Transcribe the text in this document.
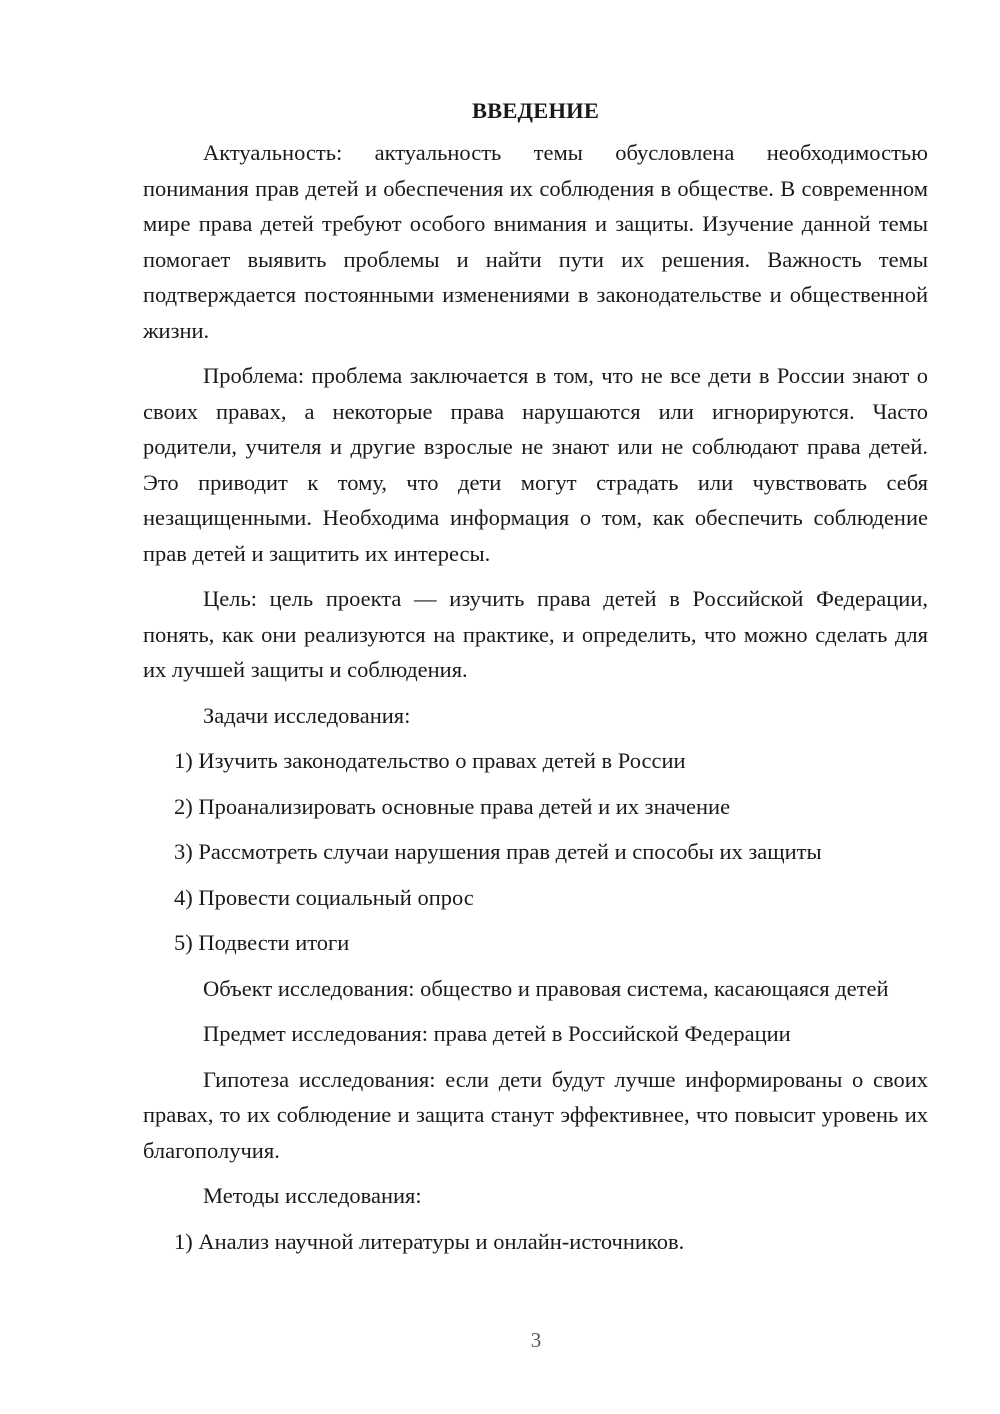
ВВЕДЕНИЕ

Актуальность: актуальность темы обусловлена необходимостью понимания прав детей и обеспечения их соблюдения в обществе. В современном мире права детей требуют особого внимания и защиты. Изучение данной темы помогает выявить проблемы и найти пути их решения. Важность темы подтверждается постоянными изменениями в законодательстве и общественной жизни.

Проблема: проблема заключается в том, что не все дети в России знают о своих правах, а некоторые права нарушаются или игнорируются. Часто родители, учителя и другие взрослые не знают или не соблюдают права детей. Это приводит к тому, что дети могут страдать или чувствовать себя незащищенными. Необходима информация о том, как обеспечить соблюдение прав детей и защитить их интересы.

Цель: цель проекта — изучить права детей в Российской Федерации, понять, как они реализуются на практике, и определить, что можно сделать для их лучшей защиты и соблюдения.

Задачи исследования:

1) Изучить законодательство о правах детей в России

2) Проанализировать основные права детей и их значение

3) Рассмотреть случаи нарушения прав детей и способы их защиты

4) Провести социальный опрос

5) Подвести итоги

Объект исследования: общество и правовая система, касающаяся детей

Предмет исследования: права детей в Российской Федерации

Гипотеза исследования: если дети будут лучше информированы о своих правах, то их соблюдение и защита станут эффективнее, что повысит уровень их благополучия.

Методы исследования:

1) Анализ научной литературы и онлайн-источников.

3
